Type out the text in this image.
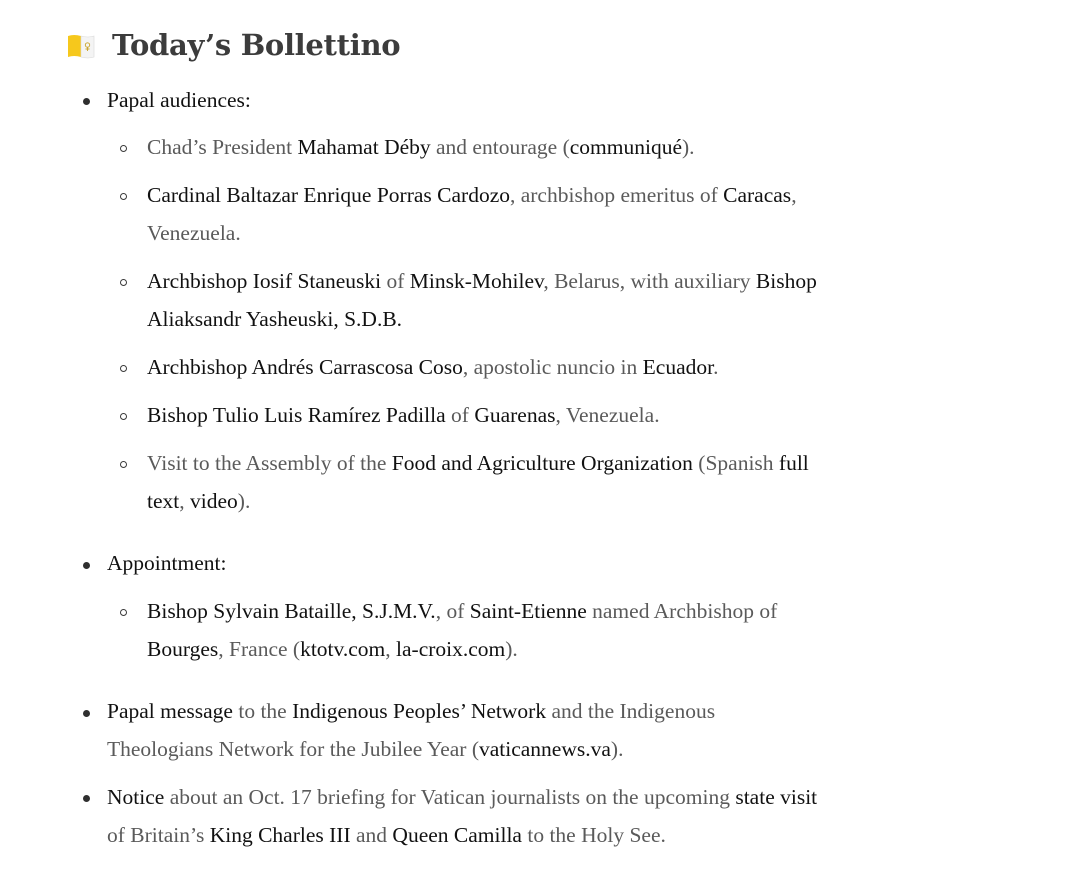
Today’s Bollettino
Papal audiences:
Chad’s President Mahamat Déby and entourage (communiqué).
Cardinal Baltazar Enrique Porras Cardozo, archbishop emeritus of Caracas,
Venezuela.
Archbishop Iosif Staneuski of Minsk-Mohilev, Belarus, with auxiliary Bishop
Aliaksandr Yasheuski, S.D.B.
Archbishop Andrés Carrascosa Coso, apostolic nuncio in Ecuador.
Bishop Tulio Luis Ramírez Padilla of Guarenas, Venezuela.
Visit to the Assembly of the Food and Agriculture Organization (Spanish full
text, video).
Appointment:
Bishop Sylvain Bataille, S.J.M.V., of Saint-Etienne named Archbishop of
Bourges, France (ktotv.com, la-croix.com).
Papal message to the Indigenous Peoples’ Network and the Indigenous
Theologians Network for the Jubilee Year (vaticannews.va).
Notice about an Oct. 17 briefing for Vatican journalists on the upcoming state visit
of Britain’s King Charles III and Queen Camilla to the Holy See.
